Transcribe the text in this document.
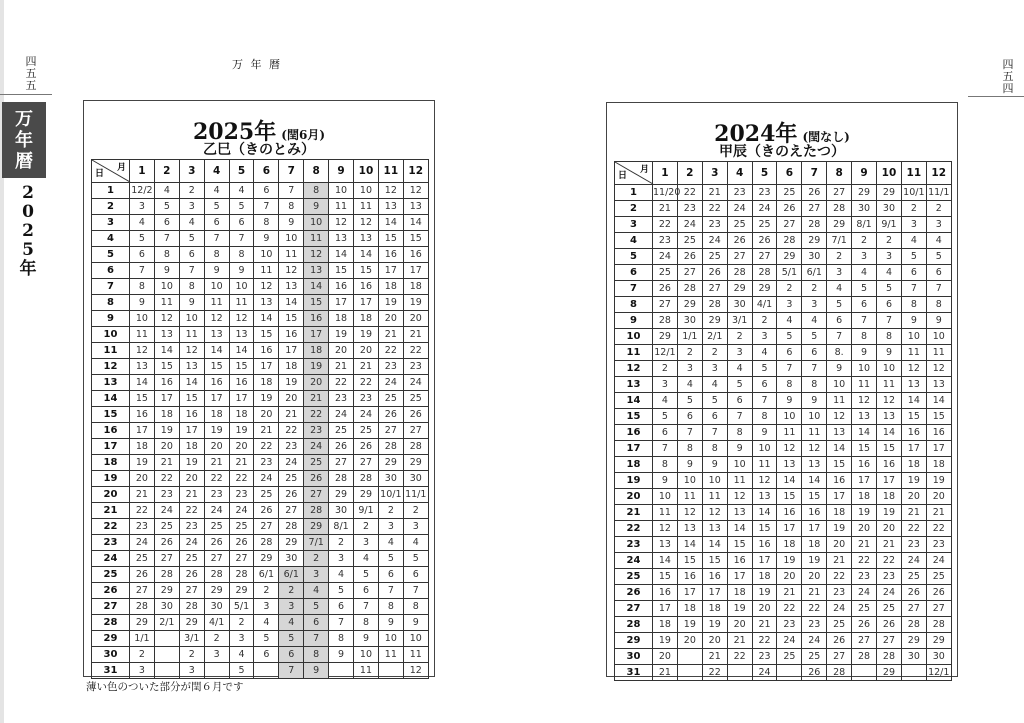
四
五
五
万
年
暦
2
0
2
5
年
万 年 暦	四
五
四
2025年 (閏6月)
乙巳（きのとみ）
月
日	1	2	3	4	5	6	7	8	9	10	11	12
1	12/2	4	2	4	4	6	7	8	10	10	12	12
2	3	5	3	5	5	7	8	9	11	11	13	13
3	4	6	4	6	6	8	9	10	12	12	14	14
4	5	7	5	7	7	9	10	11	13	13	15	15
5	6	8	6	8	8	10	11	12	14	14	16	16
6	7	9	7	9	9	11	12	13	15	15	17	17
7	8	10	8	10	10	12	13	14	16	16	18	18
8	9	11	9	11	11	13	14	15	17	17	19	19
9	10	12	10	12	12	14	15	16	18	18	20	20
10	11	13	11	13	13	15	16	17	19	19	21	21
11	12	14	12	14	14	16	17	18	20	20	22	22
12	13	15	13	15	15	17	18	19	21	21	23	23
13	14	16	14	16	16	18	19	20	22	22	24	24
14	15	17	15	17	17	19	20	21	23	23	25	25
15	16	18	16	18	18	20	21	22	24	24	26	26
16	17	19	17	19	19	21	22	23	25	25	27	27
17	18	20	18	20	20	22	23	24	26	26	28	28
18	19	21	19	21	21	23	24	25	27	27	29	29
19	20	22	20	22	22	24	25	26	28	28	30	30
20	21	23	21	23	23	25	26	27	29	29	10/1	11/1
21	22	24	22	24	24	26	27	28	30	9/1	2	2
22	23	25	23	25	25	27	28	29	8/1	2	3	3
23	24	26	24	26	26	28	29	7/1	2	3	4	4
24	25	27	25	27	27	29	30	2	3	4	5	5
25	26	28	26	28	28	6/1	6/1	3	4	5	6	6
26	27	29	27	29	29	2	2	4	5	6	7	7
27	28	30	28	30	5/1	3	3	5	6	7	8	8
28	29	2/1	29	4/1	2	4	4	6	7	8	9	9
29	1/1		3/1	2	3	5	5	7	8	9	10	10
30	2		2	3	4	6	6	8	9	10	11	11
31	3		3		5		7	9		11		12
2024年 (閏なし)
甲辰（きのえたつ）
月
日	1	2	3	4	5	6	7	8	9	10	11	12
1	11/20	22	21	23	23	25	26	27	29	29	10/1	11/1
2	21	23	22	24	24	26	27	28	30	30	2	2
3	22	24	23	25	25	27	28	29	8/1	9/1	3	3
4	23	25	24	26	26	28	29	7/1	2	2	4	4
5	24	26	25	27	27	29	30	2	3	3	5	5
6	25	27	26	28	28	5/1	6/1	3	4	4	6	6
7	26	28	27	29	29	2	2	4	5	5	7	7
8	27	29	28	30	4/1	3	3	5	6	6	8	8
9	28	30	29	3/1	2	4	4	6	7	7	9	9
10	29	1/1	2/1	2	3	5	5	7	8	8	10	10
11	12/1	2	2	3	4	6	6	8.	9	9	11	11
12	2	3	3	4	5	7	7	9	10	10	12	12
13	3	4	4	5	6	8	8	10	11	11	13	13
14	4	5	5	6	7	9	9	11	12	12	14	14
15	5	6	6	7	8	10	10	12	13	13	15	15
16	6	7	7	8	9	11	11	13	14	14	16	16
17	7	8	8	9	10	12	12	14	15	15	17	17
18	8	9	9	10	11	13	13	15	16	16	18	18
19	9	10	10	11	12	14	14	16	17	17	19	19
20	10	11	11	12	13	15	15	17	18	18	20	20
21	11	12	12	13	14	16	16	18	19	19	21	21
22	12	13	13	14	15	17	17	19	20	20	22	22
23	13	14	14	15	16	18	18	20	21	21	23	23
24	14	15	15	16	17	19	19	21	22	22	24	24
25	15	16	16	17	18	20	20	22	23	23	25	25
26	16	17	17	18	19	21	21	23	24	24	26	26
27	17	18	18	19	20	22	22	24	25	25	27	27
28	18	19	19	20	21	23	23	25	26	26	28	28
29	19	20	20	21	22	24	24	26	27	27	29	29
30	20		21	22	23	25	25	27	28	28	30	30
31	21		22		24		26	28		29		12/1
薄い色のついた部分が閏６月です
